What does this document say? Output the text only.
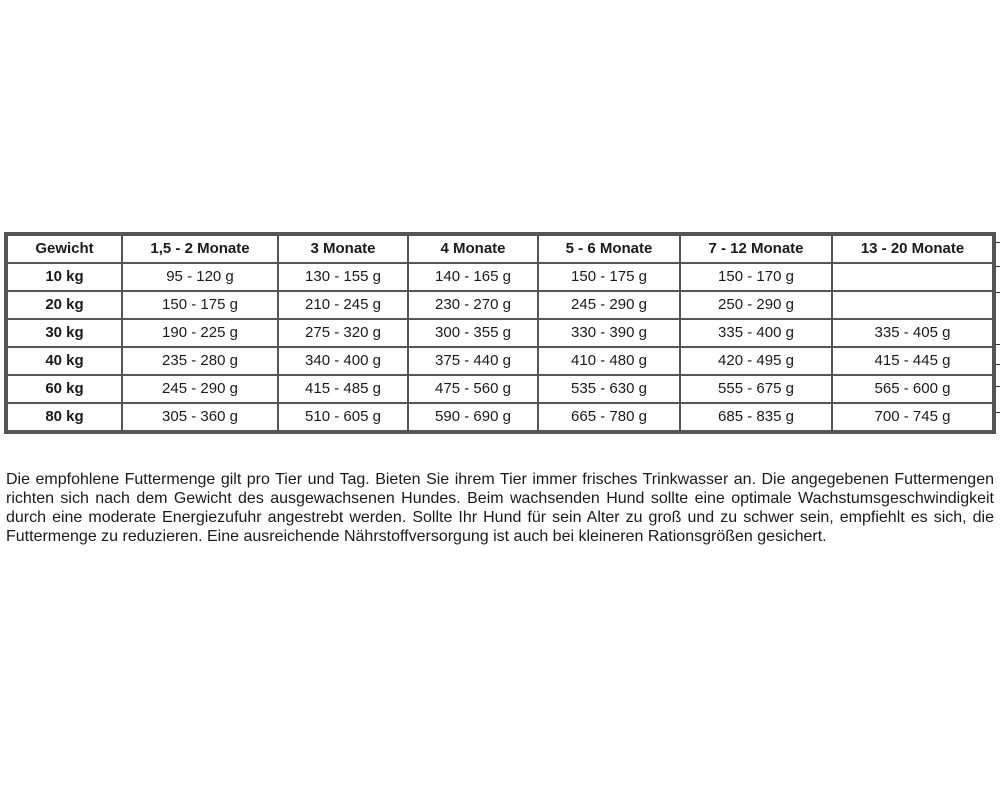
Gewicht	1,5 - 2 Monate	3 Monate	4 Monate	5 - 6 Monate	7 - 12 Monate	13 - 20 Monate
10 kg	95 - 120 g	130 - 155 g	140 - 165 g	150 - 175 g	150 - 170 g	
20 kg	150 - 175 g	210 - 245 g	230 - 270 g	245 - 290 g	250 - 290 g	
30 kg	190 - 225 g	275 - 320 g	300 - 355 g	330 - 390 g	335 - 400 g	335 - 405 g
40 kg	235 - 280 g	340 - 400 g	375 - 440 g	410 - 480 g	420 - 495 g	415 - 445 g
60 kg	245 - 290 g	415 - 485 g	475 - 560 g	535 - 630 g	555 - 675 g	565 - 600 g
80 kg	305 - 360 g	510 - 605 g	590 - 690 g	665 - 780 g	685 - 835 g	700 - 745 g

Die empfohlene Futtermenge gilt pro Tier und Tag. Bieten Sie ihrem Tier immer frisches Trinkwasser an. Die angegebenen Futtermengen richten sich nach dem Gewicht des ausgewachsenen Hundes. Beim wachsenden Hund sollte eine optimale Wachstumsgeschwindigkeit durch eine moderate Energiezufuhr angestrebt werden. Sollte Ihr Hund für sein Alter zu groß und zu schwer sein, empfiehlt es sich, die Futtermenge zu reduzieren. Eine ausreichende Nährstoffversorgung ist auch bei kleineren Rationsgrößen gesichert.
